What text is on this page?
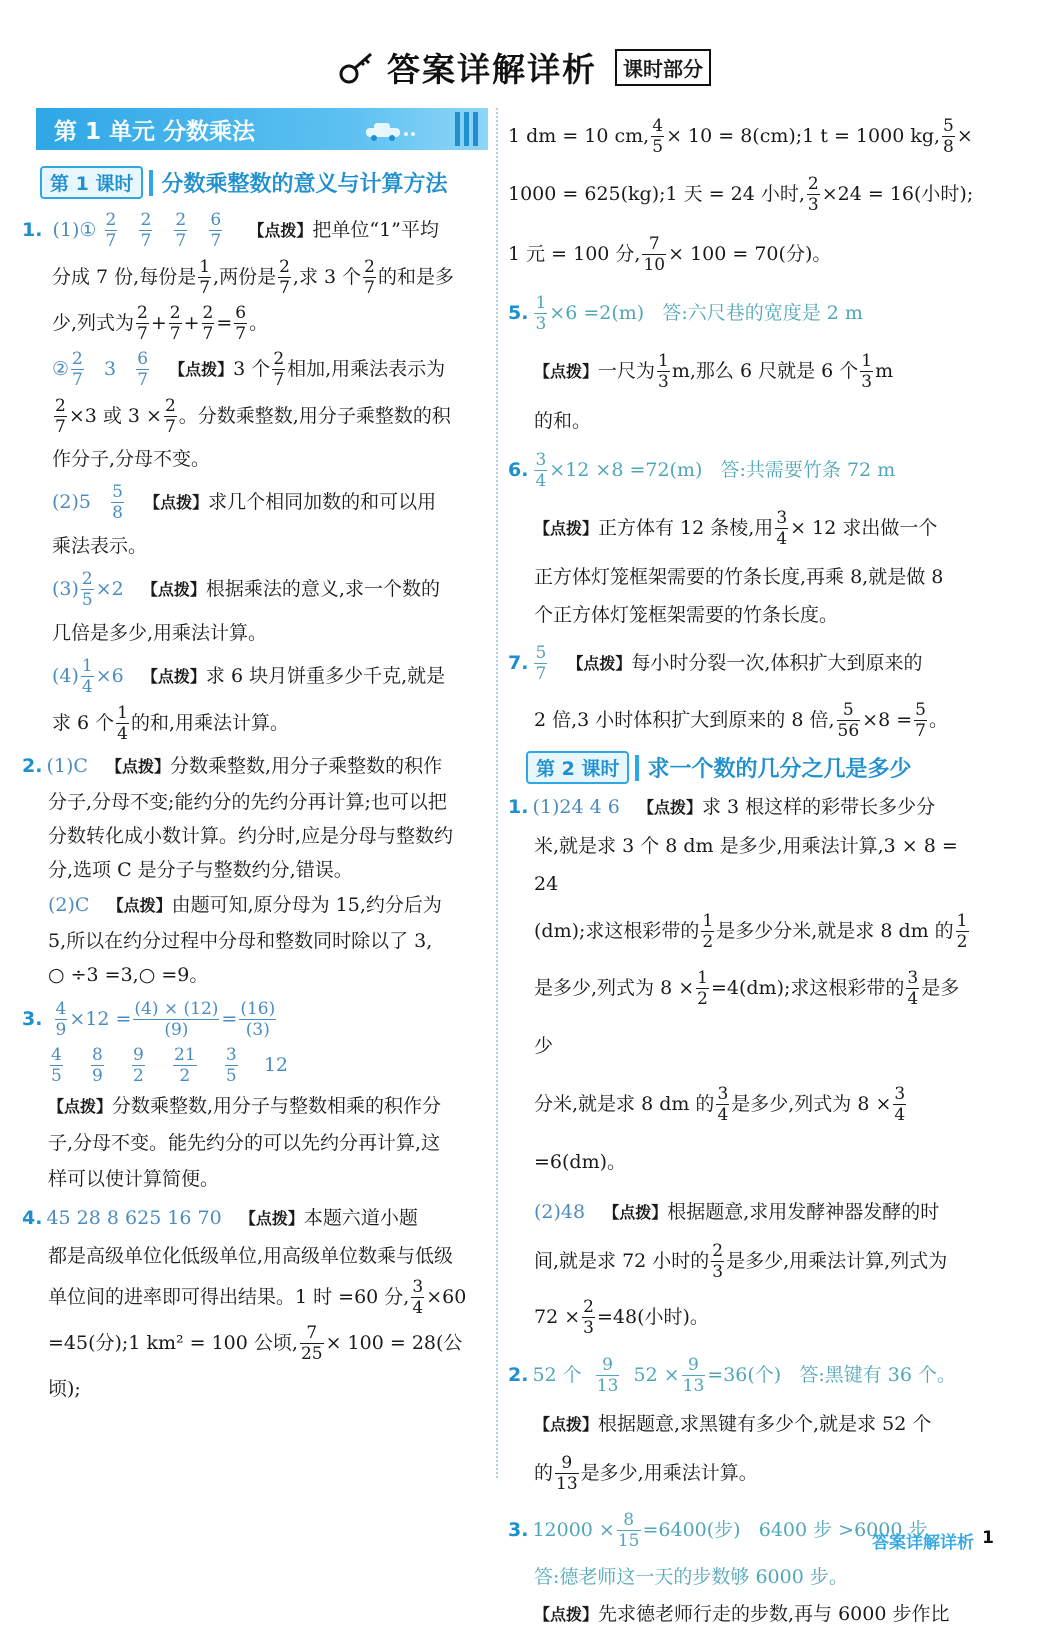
答案详解详析	课时部分
第 1 单元 分数乘法
第 1 课时	分数乘整数的意义与计算方法

1. (1)① $\frac{2}{7}$
$\frac{2}{7}$
$\frac{2}{7}$
$\frac{6}{7}$ 【点拨】把单位“1”平均

分成 7 份,每份是 $\frac{1}{7}$ ,两份是 $\frac{2}{7}$ ,求 3 个 $\frac{2}{7}$ 的和是多

少,列式为 $\frac{2}{7} + \frac{2}{7} + \frac{2}{7} = \frac{6}{7}$ 。

② $\frac{2}{7} 3 \frac{6}{7}$ 【点拨】3 个 $\frac{2}{7}$ 相加,用乘法表示为

$\frac{2}{7} \times 3$ 或 $3 \times \frac{2}{7}$ 。分数乘整数,用分子乘整数的积

作分子,分母不变。

$(2)5 \frac{5}{8}$ 【点拨】求几个相同加数的和可以用

乘法表示。

$(3) \frac{2}{5} \times 2$ 【点拨】根据乘法的意义,求一个数的

几倍是多少,用乘法计算。

$(4) \frac{1}{4} \times 6$ 【点拨】求 6 块月饼重多少千克,就是

求 6 个 $\frac{1}{4}$ 的和,用乘法计算。

2. (1)C 【点拨】分数乘整数,用分子乘整数的积作

分子,分母不变;能约分的先约分再计算;也可以把

分数转化成小数计算。约分时,应是分母与整数约

分,选项 C 是分子与整数约分,错误。

(2)C 【点拨】由题可知,原分母为 15,约分后为

5,所以在约分过程中分母和整数同时除以了 3,

○ ÷3 =3,○ =9。

3. $\frac{4}{9} \times 12 = \frac{(4) \times (12)}{(9)} = \frac{(16)}{(3)}$

$\frac{4}{5}$
$\frac{8}{9}$
$\frac{9}{2}$
$\frac{21}{2}$
$\frac{3}{5} 12$

【点拨】分数乘整数,用分子与整数相乘的积作分

子,分母不变。能先约分的可以先约分再计算,这

样可以使计算简便。

4. 45 28 8 625 16 70 【点拨】本题六道小题

都是高级单位化低级单位,用高级单位数乘与低级

单位间的进率即可得出结果。1 时 =60 分, $\frac{3}{4} \times 60$

=45(分);1 km² = 100 公顷, $\frac{7}{25} \times 100 = 28$(公顷);

1 dm = 10 cm, $\frac{4}{5} \times 10$ = 8(cm);1 t = 1000 kg, $\frac{5}{8}$ ×

1000 = 625(kg);1 天 = 24 小时, $\frac{2}{3} \times 24 = 16$(小时);

1 元 = 100 分, $\frac{7}{10} \times 100 = 70$(分)。

5. $\frac{1}{3} \times 6 =2(m)$ 答:六尺巷的宽度是 2 m

【点拨】一尺为 $\frac{1}{3} m$,那么 6 尺就是 6 个 $\frac{1}{3}$ m

的和。

6. $\frac{3}{4} \times 12 \times 8 =72(m)$ 答:共需要竹条 72 m

【点拨】正方体有 12 条棱,用 $\frac{3}{4} \times 12$ 求出做一个

正方体灯笼框架需要的竹条长度,再乘 8,就是做 8

个正方体灯笼框架需要的竹条长度。

7. $\frac{5}{7}$ 【点拨】每小时分裂一次,体积扩大到原来的

2 倍,3 小时体积扩大到原来的 8 倍, $\frac{5}{56} \times 8 = \frac{5}{7}$ 。

第 2 课时	求一个数的几分之几是多少

1. (1)24 4 6 【点拨】求 3 根这样的彩带长多少分

米,就是求 3 个 8 dm 是多少,用乘法计算,3 × 8 = 24

(dm);求这根彩带的 $\frac{1}{2}$ 是多少分米,就是求 8 dm 的 $\frac{1}{2}$

是多少,列式为 $8 \times \frac{1}{2} =4(dm)$;求这根彩带的 $\frac{3}{4}$ 是多少

分米,就是求 8 dm 的 $\frac{3}{4}$ 是多少,列式为 $8 \times \frac{3}{4}$
=6(dm)。

(2)48 【点拨】根据题意,求用发酵神器发酵的时

间,就是求 72 小时的 $\frac{2}{3}$ 是多少,用乘法计算,列式为

$72 \times \frac{2}{3} =48$(小时)。

2. 52 个 $\frac{9}{13} 52 \times \frac{9}{13} =36$(个) 答:黑键有 36 个。

【点拨】根据题意,求黑键有多少个,就是求 52 个

的 $\frac{9}{13}$ 是多少,用乘法计算。

3. $12000 \times \frac{8}{15} =6400$(步) 6400 步 >6000 步

答:德老师这一天的步数够 6000 步。

【点拨】先求德老师行走的步数,再与 6000 步作比

答案详解详析 1
